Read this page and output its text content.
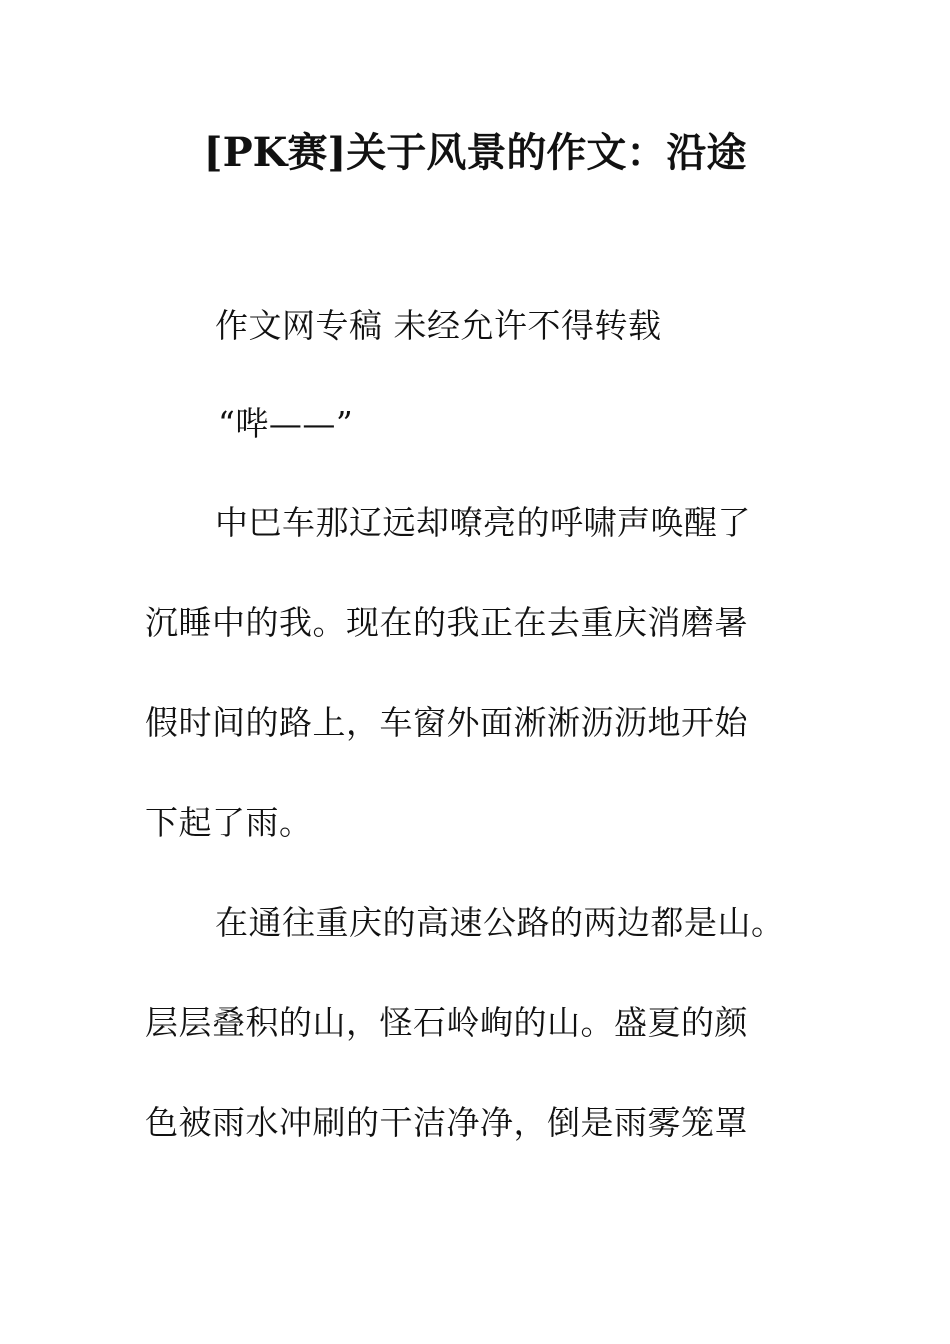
[PK赛]关于风景的作文：沿途
作文网专稿 未经允许不得转载
“哔——”
中巴车那辽远却嘹亮的呼啸声唤醒了
沉睡中的我。现在的我正在去重庆消磨暑
假时间的路上，车窗外面淅淅沥沥地开始
下起了雨。
在通往重庆的高速公路的两边都是山。
层层叠积的山，怪石岭峋的山。盛夏的颜
色被雨水冲刷的干洁净净，倒是雨雾笼罩
